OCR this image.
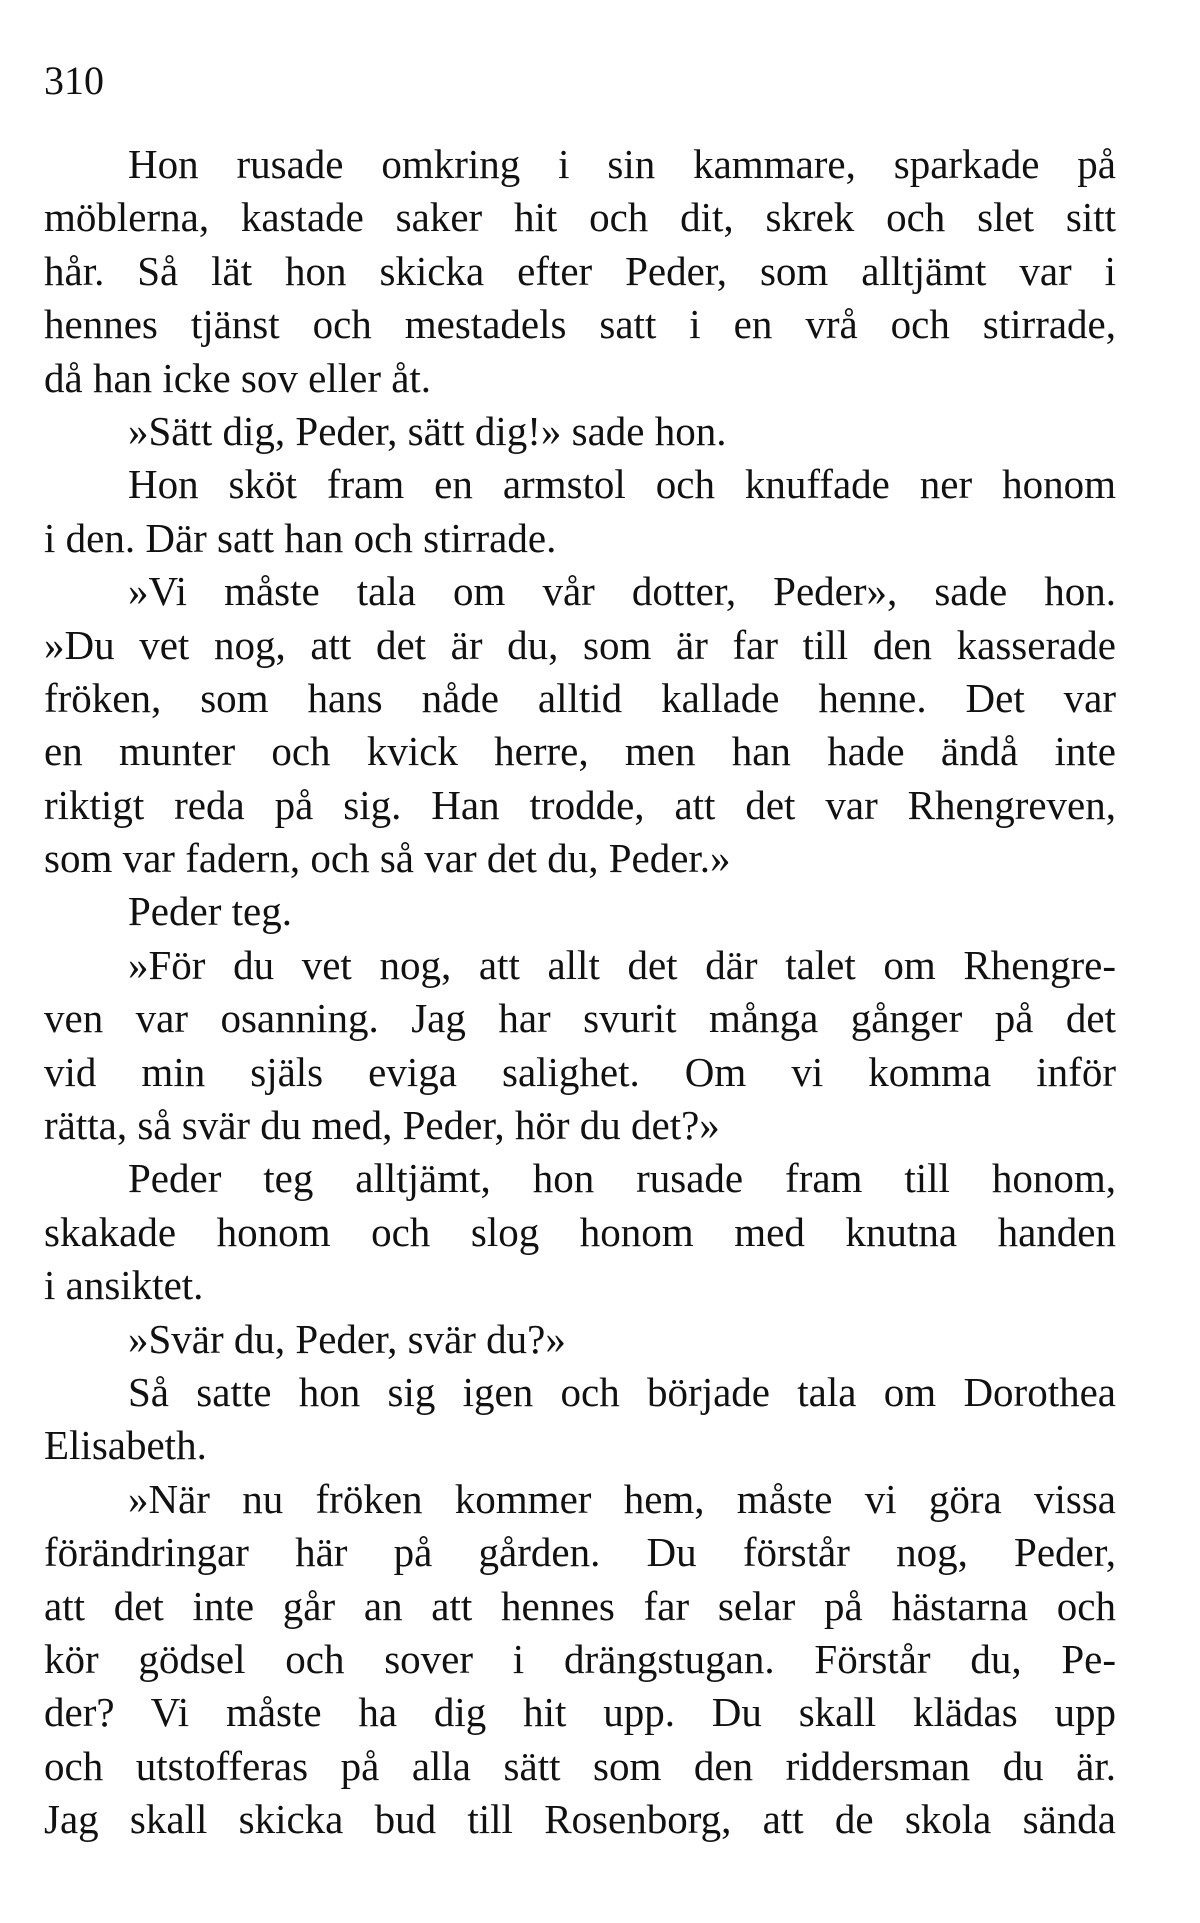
310
Hon rusade omkring i sin kammare, sparkade på
möblerna, kastade saker hit och dit, skrek och slet sitt
hår. Så lät hon skicka efter Peder, som alltjämt var i
hennes tjänst och mestadels satt i en vrå och stirrade,
då han icke sov eller åt.
»Sätt dig, Peder, sätt dig!» sade hon.
Hon sköt fram en armstol och knuffade ner honom
i den. Där satt han och stirrade.
»Vi måste tala om vår dotter, Peder», sade hon.
»Du vet nog, att det är du, som är far till den kasserade
fröken, som hans nåde alltid kallade henne. Det var
en munter och kvick herre, men han hade ändå inte
riktigt reda på sig. Han trodde, att det var Rhengreven,
som var fadern, och så var det du, Peder.»
Peder teg.
»För du vet nog, att allt det där talet om Rhengre-
ven var osanning. Jag har svurit många gånger på det
vid min själs eviga salighet. Om vi komma inför
rätta, så svär du med, Peder, hör du det?»
Peder teg alltjämt, hon rusade fram till honom,
skakade honom och slog honom med knutna handen
i ansiktet.
»Svär du, Peder, svär du?»
Så satte hon sig igen och började tala om Dorothea
Elisabeth.
»När nu fröken kommer hem, måste vi göra vissa
förändringar här på gården. Du förstår nog, Peder,
att det inte går an att hennes far selar på hästarna och
kör gödsel och sover i drängstugan. Förstår du, Pe-
der? Vi måste ha dig hit upp. Du skall klädas upp
och utstofferas på alla sätt som den riddersman du är.
Jag skall skicka bud till Rosenborg, att de skola sända
